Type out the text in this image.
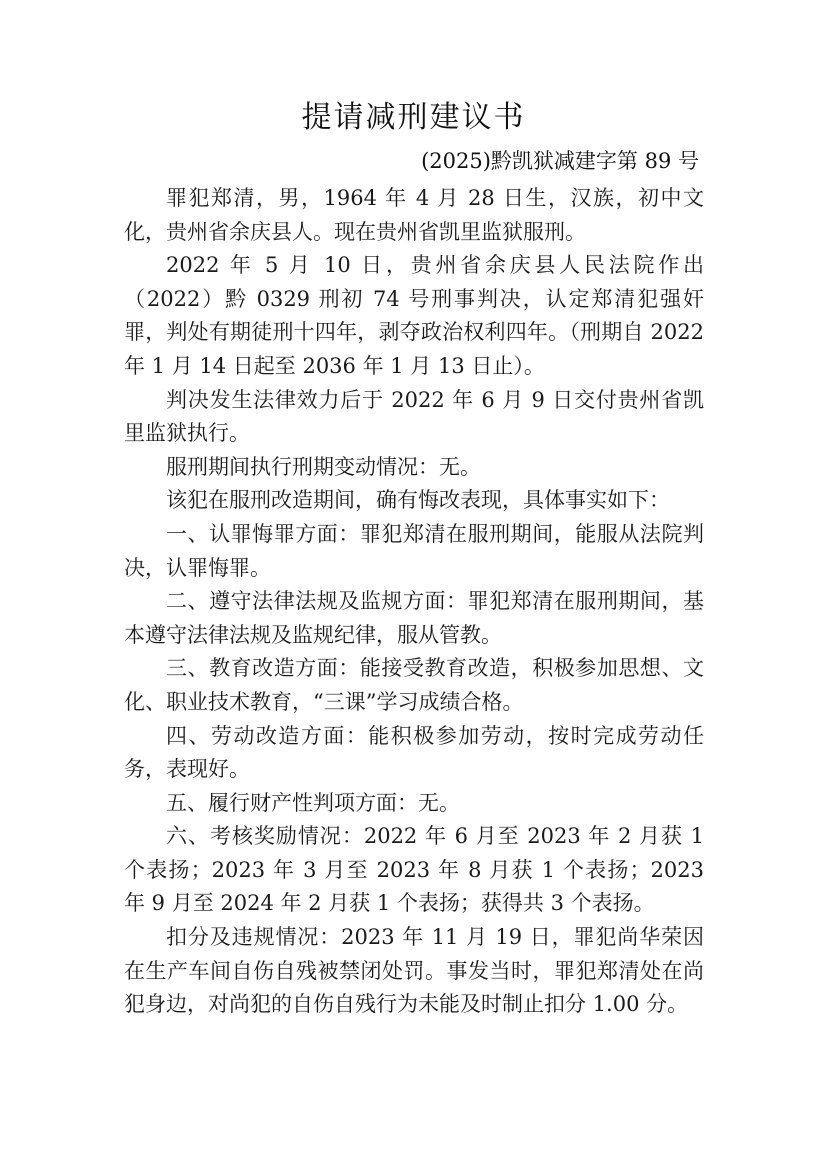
提请减刑建议书
(2025)黔凯狱减建字第 89 号

罪犯郑清，男，1964 年 4 月 28 日生，汉族，初中文化，贵州省余庆县人。现在贵州省凯里监狱服刑。

2022 年 5 月 10 日，贵州省余庆县人民法院作出（2022）黔 0329 刑初 74 号刑事判决，认定郑清犯强奸罪，判处有期徒刑十四年，剥夺政治权利四年。（刑期自 2022 年 1 月 14 日起至 2036 年 1 月 13 日止）。

判决发生法律效力后于 2022 年 6 月 9 日交付贵州省凯里监狱执行。

服刑期间执行刑期变动情况：无。

该犯在服刑改造期间，确有悔改表现，具体事实如下：

一、认罪悔罪方面：罪犯郑清在服刑期间，能服从法院判决，认罪悔罪。

二、遵守法律法规及监规方面：罪犯郑清在服刑期间，基本遵守法律法规及监规纪律，服从管教。

三、教育改造方面：能接受教育改造，积极参加思想、文化、职业技术教育，“三课”学习成绩合格。

四、劳动改造方面：能积极参加劳动，按时完成劳动任务，表现好。

五、履行财产性判项方面：无。

六、考核奖励情况：2022 年 6 月至 2023 年 2 月获 1 个表扬；2023 年 3 月至 2023 年 8 月获 1 个表扬；2023 年 9 月至 2024 年 2 月获 1 个表扬；获得共 3 个表扬。

扣分及违规情况：2023 年 11 月 19 日，罪犯尚华荣因在生产车间自伤自残被禁闭处罚。事发当时，罪犯郑清处在尚犯身边，对尚犯的自伤自残行为未能及时制止扣分 1.00 分。
